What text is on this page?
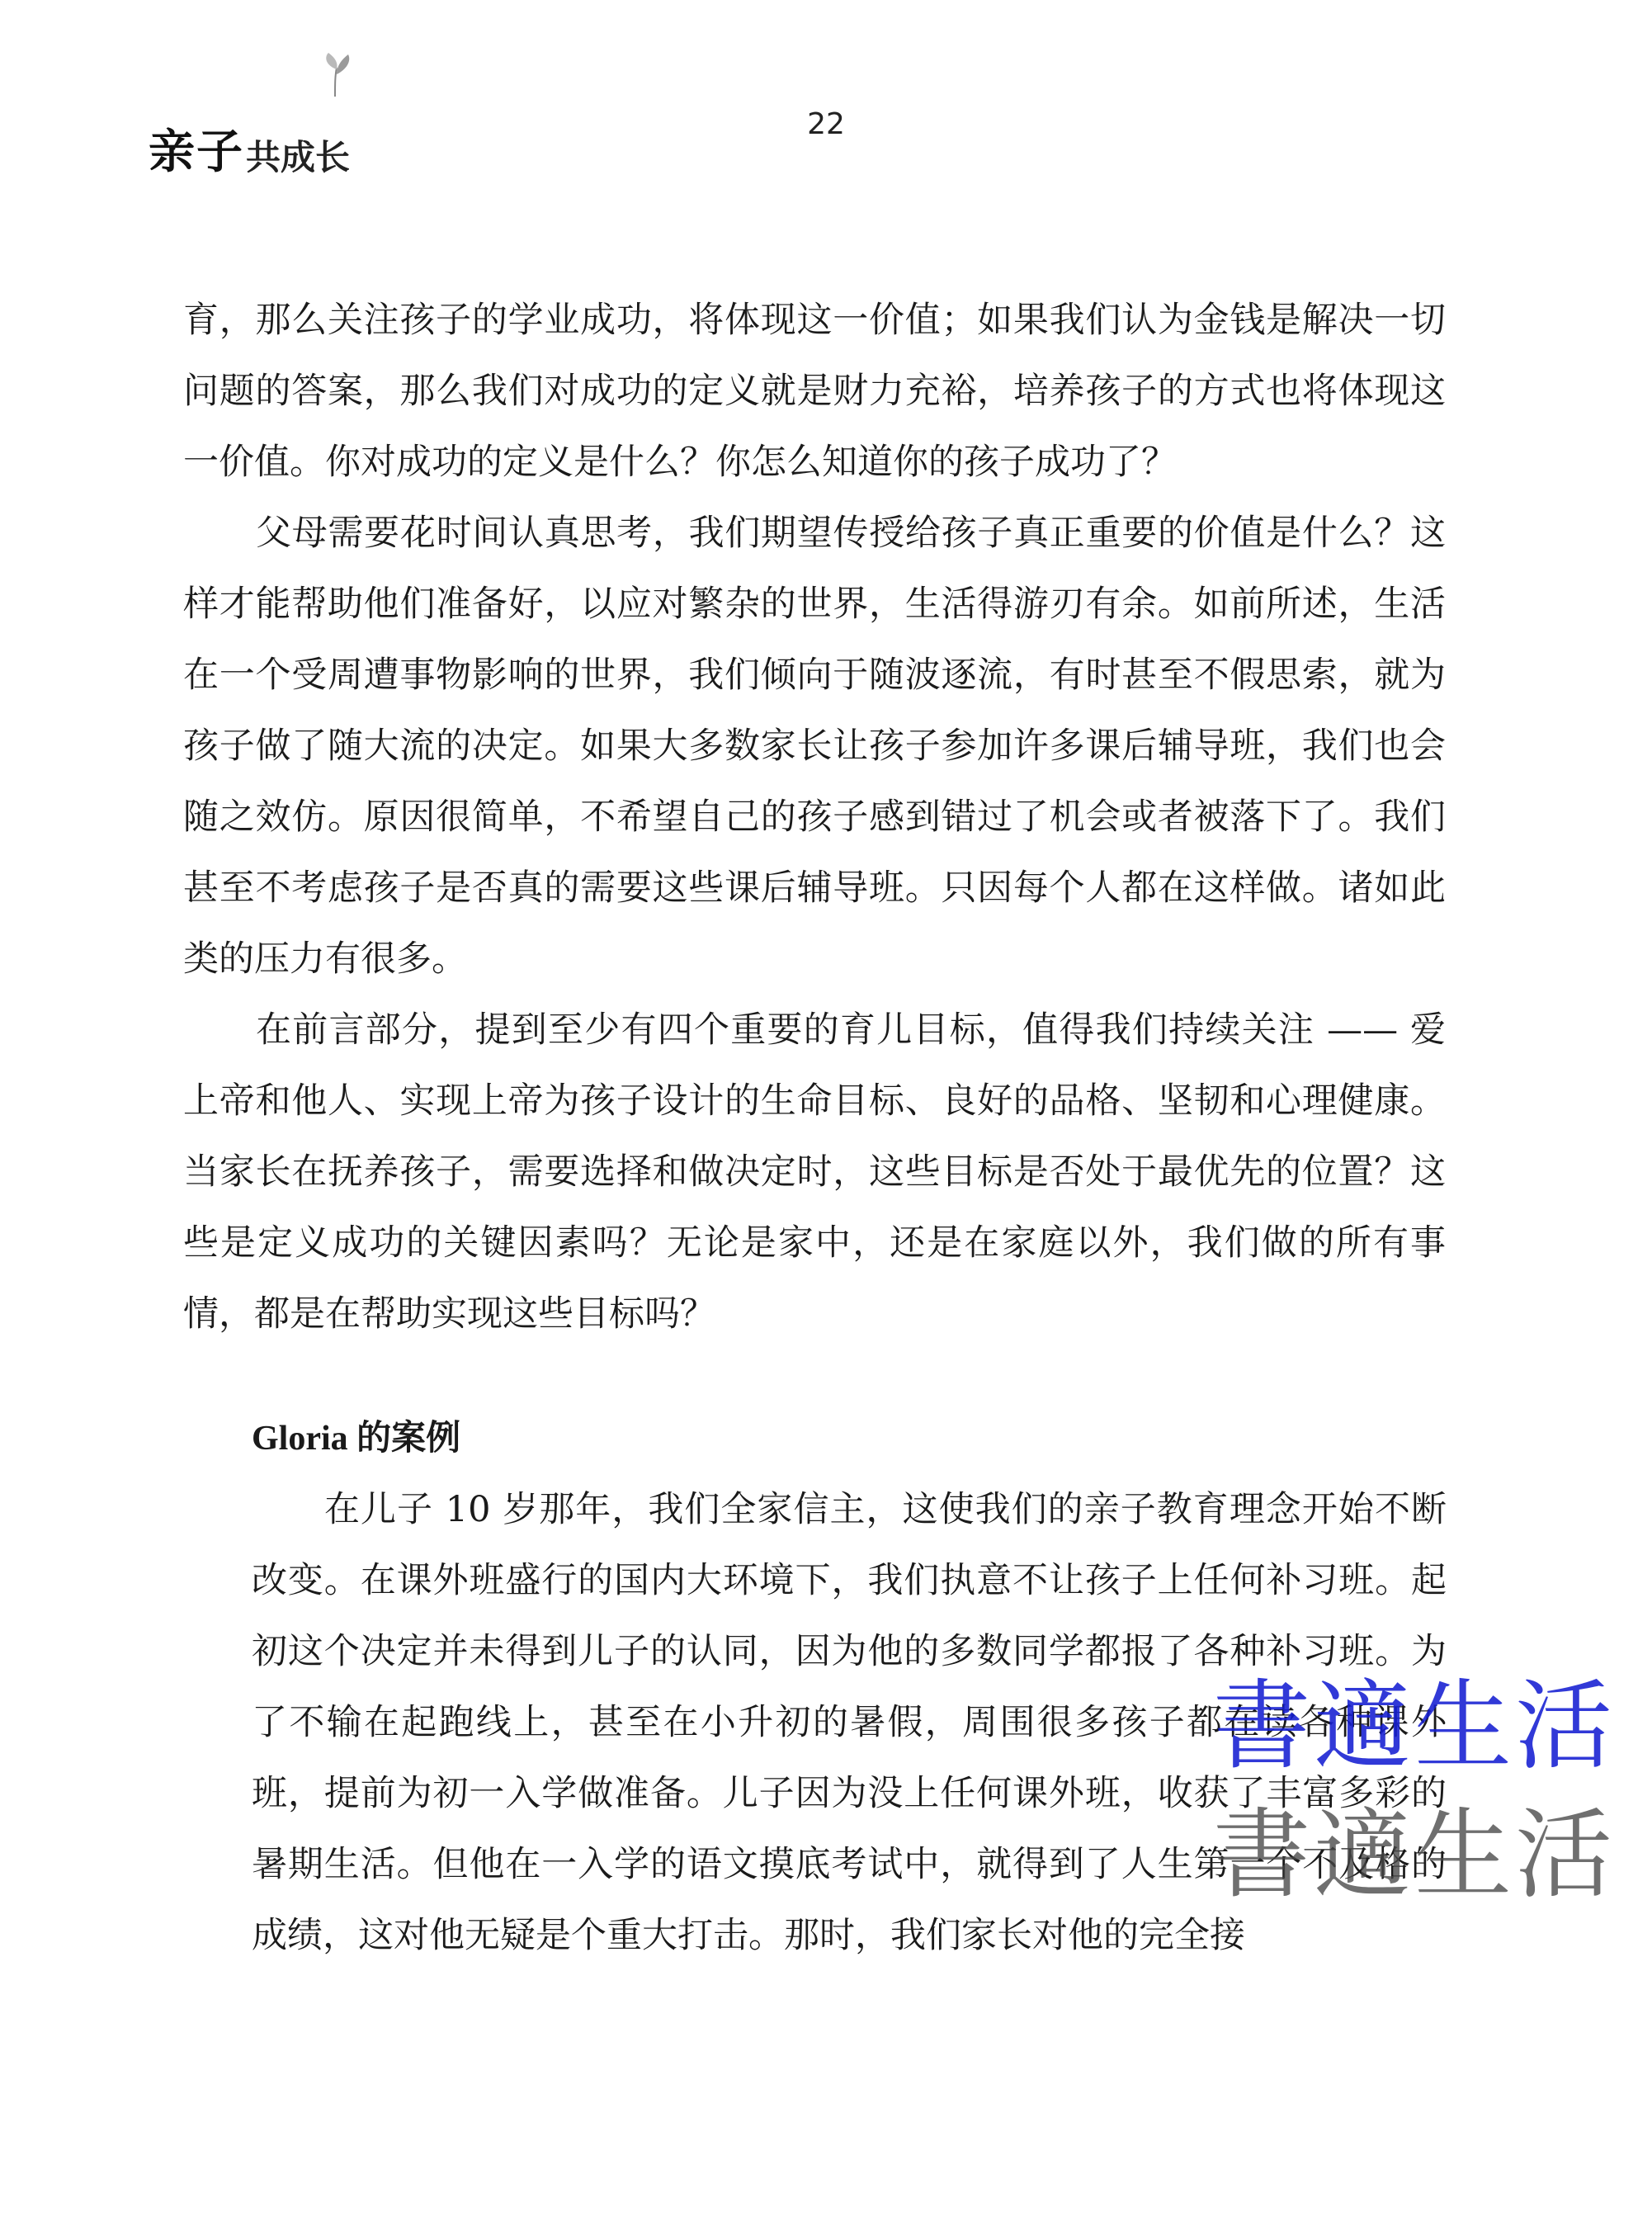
亲子 共成长
22

育，那么关注孩子的学业成功，将体现这一价值；如果我们认为金钱是解决一切问题的答案，那么我们对成功的定义就是财力充裕，培养孩子的方式也将体现这一价值。你对成功的定义是什么？你怎么知道你的孩子成功了？

父母需要花时间认真思考，我们期望传授给孩子真正重要的价值是什么？这样才能帮助他们准备好，以应对繁杂的世界，生活得游刃有余。如前所述，生活在一个受周遭事物影响的世界，我们倾向于随波逐流，有时甚至不假思索，就为孩子做了随大流的决定。如果大多数家长让孩子参加许多课后辅导班，我们也会随之效仿。原因很简单，不希望自己的孩子感到错过了机会或者被落下了。我们甚至不考虑孩子是否真的需要这些课后辅导班。只因每个人都在这样做。诸如此类的压力有很多。

在前言部分，提到至少有四个重要的育儿目标，值得我们持续关注 —— 爱上帝和他人、实现上帝为孩子设计的生命目标、良好的品格、坚韧和心理健康。当家长在抚养孩子，需要选择和做决定时，这些目标是否处于最优先的位置？这些是定义成功的关键因素吗？无论是家中，还是在家庭以外，我们做的所有事情，都是在帮助实现这些目标吗？

Gloria 的案例

在儿子 10 岁那年，我们全家信主，这使我们的亲子教育理念开始不断改变。在课外班盛行的国内大环境下，我们执意不让孩子上任何补习班。起初这个决定并未得到儿子的认同，因为他的多数同学都报了各种补习班。为了不输在起跑线上，甚至在小升初的暑假，周围很多孩子都在读各种课外班，提前为初一入学做准备。儿子因为没上任何课外班，收获了丰富多彩的暑期生活。但他在一入学的语文摸底考试中，就得到了人生第一个不及格的成绩，这对他无疑是个重大打击。那时，我们家长对他的完全接

書適生活
書適生活
